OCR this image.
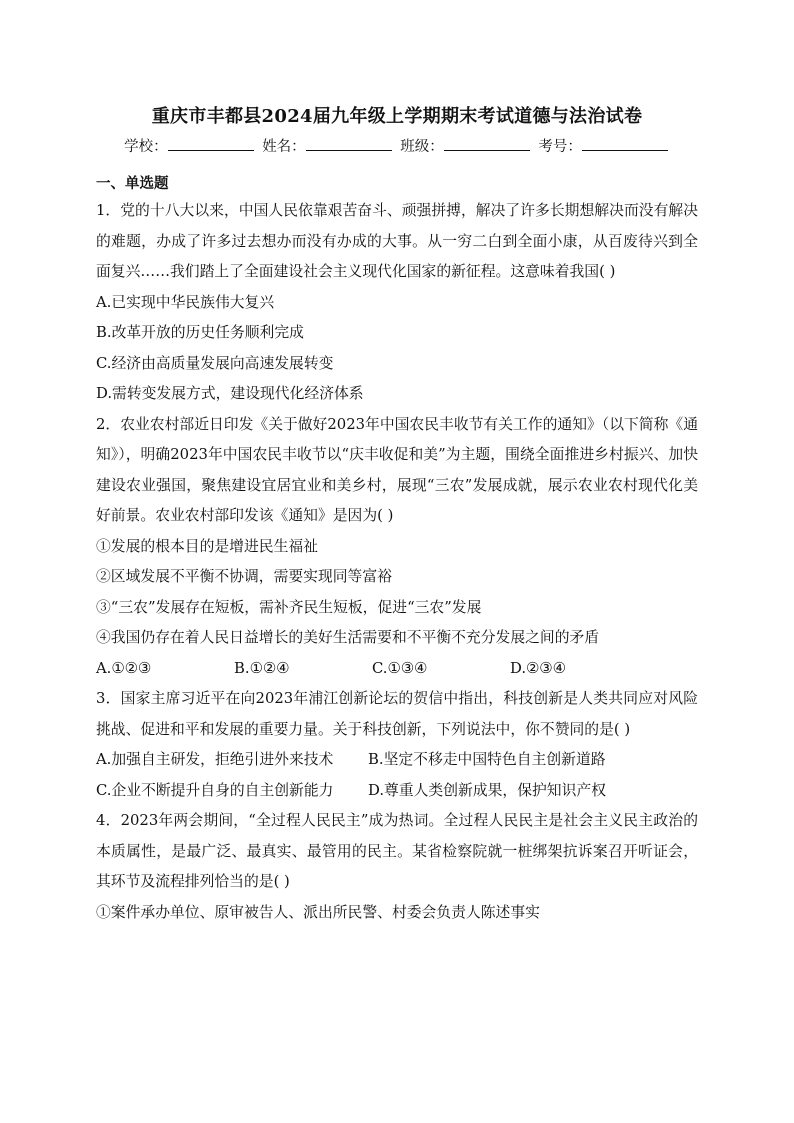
重庆市丰都县2024届九年级上学期期末考试道德与法治试卷
学校：	姓名：	班级：	考号：
一、单选题

1．党的十八大以来，中国人民依靠艰苦奋斗、顽强拼搏，解决了许多长期想解决而没有解决的难题，办成了许多过去想办而没有办成的大事。从一穷二白到全面小康，从百废待兴到全面复兴……我们踏上了全面建设社会主义现代化国家的新征程。这意味着我国( )

A.已实现中华民族伟大复兴

B.改革开放的历史任务顺利完成

C.经济由高质量发展向高速发展转变

D.需转变发展方式，建设现代化经济体系

2．农业农村部近日印发《关于做好2023年中国农民丰收节有关工作的通知》（以下简称《通知》），明确2023年中国农民丰收节以“庆丰收促和美”为主题，围绕全面推进乡村振兴、加快建设农业强国，聚焦建设宜居宜业和美乡村，展现“三农”发展成就，展示农业农村现代化美好前景。农业农村部印发该《通知》是因为( )

①发展的根本目的是增进民生福祉

②区域发展不平衡不协调，需要实现同等富裕

③“三农”发展存在短板，需补齐民生短板，促进“三农”发展

④我国仍存在着人民日益增长的美好生活需要和不平衡不充分发展之间的矛盾

A.①②③	B.①②④	C.①③④	D.②③④

3．国家主席习近平在向2023年浦江创新论坛的贺信中指出，科技创新是人类共同应对风险挑战、促进和平和发展的重要力量。关于科技创新，下列说法中，你不赞同的是( )

A.加强自主研发，拒绝引进外来技术	B.坚定不移走中国特色自主创新道路
C.企业不断提升自身的自主创新能力	D.尊重人类创新成果，保护知识产权

4．2023年两会期间，“全过程人民民主”成为热词。全过程人民民主是社会主义民主政治的本质属性，是最广泛、最真实、最管用的民主。某省检察院就一桩绑架抗诉案召开听证会，其环节及流程排列恰当的是( )

①案件承办单位、原审被告人、派出所民警、村委会负责人陈述事实
